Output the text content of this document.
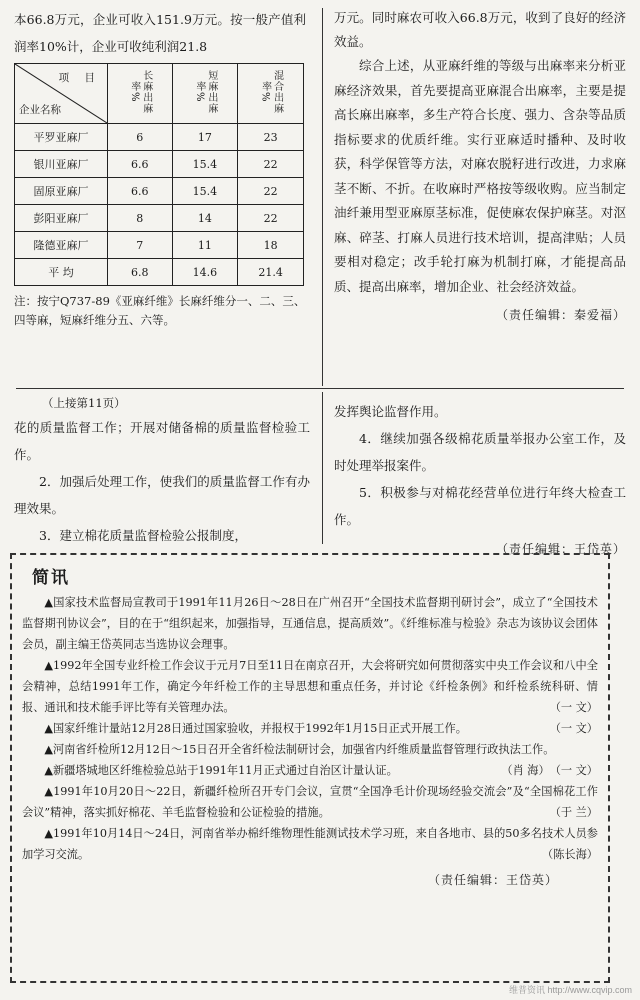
本66.8万元，企业可收入151.9万元。按一般产值利润率10%计，企业可收纯利润21.8

项 目
企业名称	长麻出麻率%	短麻出麻率%	混合出麻率%
平罗亚麻厂	6	17	23
银川亚麻厂	6.6	15.4	22
固原亚麻厂	6.6	15.4	22
彭阳亚麻厂	8	14	22
隆德亚麻厂	7	11	18
平 均	6.8	14.6	21.4

注：按宁Q737-89《亚麻纤维》长麻纤维分一、二、三、四等麻，短麻纤维分五、六等。

万元。同时麻农可收入66.8万元，收到了良好的经济效益。

综合上述，从亚麻纤维的等级与出麻率来分析亚麻经济效果，首先要提高亚麻混合出麻率，主要是提高长麻出麻率，多生产符合长度、强力、含杂等品质指标要求的优质纤维。实行亚麻适时播种、及时收获，科学保管等方法，对麻农脱籽进行改进，力求麻茎不断、不折。在收麻时严格按等级收购。应当制定油纤兼用型亚麻原茎标准，促使麻农保护麻茎。对沤麻、碎茎、打麻人员进行技术培训，提高津贴；人员要相对稳定；改手轮打麻为机制打麻，才能提高品质、提高出麻率，增加企业、社会经济效益。

（责任编辑：秦爱福）

（上接第11页）

花的质量监督工作；开展对储备棉的质量监督检验工作。

2．加强后处理工作，使我们的质量监督工作有办理效果。

3．建立棉花质量监督检验公报制度，

发挥舆论监督作用。

4．继续加强各级棉花质量举报办公室工作，及时处理举报案件。

5．积极参与对棉花经营单位进行年终大检查工作。

（责任编辑：王岱英）

简讯

▲国家技术监督局宣教司于1991年11月26日～28日在广州召开“全国技术监督期刊研讨会”，成立了“全国技术监督期刊协议会”，目的在于“组织起来，加强指导，互通信息，提高质效”。《纤维标准与检验》杂志为该协议会团体会员，副主编王岱英同志当选协议会理事。

▲1992年全国专业纤检工作会议于元月7日至11日在南京召开，大会将研究如何贯彻落实中央工作会议和八中全会精神，总结1991年工作，确定今年纤检工作的主导思想和重点任务，并讨论《纤检条例》和纤检系统科研、情报、通讯和技术能手评比等有关管理办法。	（一 文）

▲国家纤维计量站12月28日通过国家验收，并报权于1992年1月15日正式开展工作。	（一 文）

▲河南省纤检所12月12日～15日召开全省纤检法制研讨会，加强省内纤维质量监督管理行政执法工作。
（一 文）

▲新疆塔城地区纤维检验总站于1991年11月正式通过自治区计量认证。	（肖 海）

▲1991年10月20日～22日，新疆纤检所召开专门会议，宣贯“全国净毛计价现场经验交流会”及“全国棉花工作会议”精神，落实抓好棉花、羊毛监督检验和公证检验的措施。	（于 兰）

▲1991年10月14日～24日，河南省举办棉纤维物理性能测试技术学习班，来自各地市、县的50多名技术人员参加学习交流。	（陈长海）

（责任编辑：王岱英）

维普资讯 http://www.cqvip.com
